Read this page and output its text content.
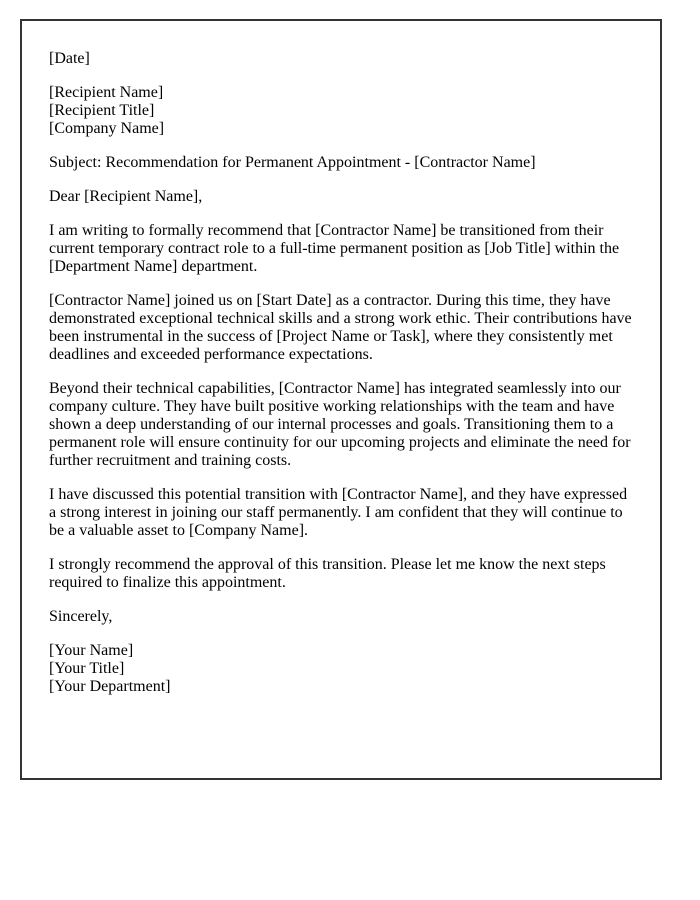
[Date]

[Recipient Name]
[Recipient Title]
[Company Name]

Subject: Recommendation for Permanent Appointment - [Contractor Name]

Dear [Recipient Name],

I am writing to formally recommend that [Contractor Name] be transitioned from their current temporary contract role to a full-time permanent position as [Job Title] within the [Department Name] department.

[Contractor Name] joined us on [Start Date] as a contractor. During this time, they have demonstrated exceptional technical skills and a strong work ethic. Their contributions have been instrumental in the success of [Project Name or Task], where they consistently met deadlines and exceeded performance expectations.

Beyond their technical capabilities, [Contractor Name] has integrated seamlessly into our company culture. They have built positive working relationships with the team and have shown a deep understanding of our internal processes and goals. Transitioning them to a permanent role will ensure continuity for our upcoming projects and eliminate the need for further recruitment and training costs.

I have discussed this potential transition with [Contractor Name], and they have expressed a strong interest in joining our staff permanently. I am confident that they will continue to be a valuable asset to [Company Name].

I strongly recommend the approval of this transition. Please let me know the next steps required to finalize this appointment.

Sincerely,

[Your Name]
[Your Title]
[Your Department]
